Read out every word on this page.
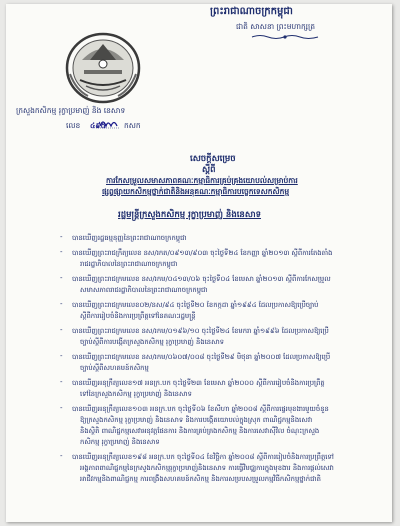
ព្រះរាជាណាចក្រកម្ពុជា
ជាតិ សាសនា ព្រះមហាក្សត្រ
ក្រសួងកសិកម្ម រុក្ខាប្រមាញ់ និង នេសាទ
លេខ ៤៩៥ កសក
សេចក្តីសម្រេច
ស្តីពី
ការកែសម្រួលសមាសភាពគណៈកម្មាធិការគ្រប់គ្រងយោបល់សម្រាប់ការ
ផ្សព្វផ្សាយកសិកម្មថ្នាក់ជាតិនិងអនុគណៈកម្មាធិការបច្ចេកទេសកសិកម្ម
រដ្ឋមន្ត្រីក្រសួងកសិកម្ម រុក្ខាប្រមាញ់ និងនេសាទ
- បានឃើញរដ្ឋធម្មនុញ្ញនៃព្រះរាជាណាចក្រកម្ពុជា
- បានឃើញព្រះរាជក្រឹត្យលេខ នស/រកត/០៩១៣/៩០៣ ចុះថ្ងៃទី២៤ ខែកញ្ញា ឆ្នាំ២០១៣ ស្តីពីការតែងតាំង
រាជរដ្ឋាភិបាលនៃព្រះរាជាណាចក្រកម្ពុជា
- បានឃើញព្រះរាជក្រមលេខ នស/រកម/០៤១៣/០៦ ចុះថ្ងៃទី០៤ ខែមេសា ឆ្នាំ២០១៣ ស្តីពីការកែសម្រួល
សមាសភាពរាជរដ្ឋាភិបាលនៃព្រះរាជាណាចក្រកម្ពុជា
- បានឃើញព្រះរាជក្រមលេខ០២/នស/៩៤ ចុះថ្ងៃទី២០ ខែកក្កដា ឆ្នាំ១៩៩៤ ដែលប្រកាសឱ្យប្រើច្បាប់
ស្តីពីការរៀបចំនិងការប្រព្រឹត្តទៅនៃគណៈរដ្ឋមន្ត្រី
- បានឃើញព្រះរាជក្រមលេខ នស/រកម/០១៩៦/១០ ចុះថ្ងៃទី២៤ ខែមករា ឆ្នាំ១៩៩៦ ដែលប្រកាសឱ្យប្រើ
ច្បាប់ស្តីពីការបង្កើតក្រសួងកសិកម្ម រុក្ខាប្រមាញ់ និងនេសាទ
- បានឃើញព្រះរាជក្រមលេខ នស/រកម/០៦០៧/០០៨ ចុះថ្ងៃទី២៩ មិថុនា ឆ្នាំ២០០៧ ដែលប្រកាសឱ្យប្រើ
ច្បាប់ស្តីពីសហគមន៍កសិកម្ម
- បានឃើញអនុក្រឹត្យលេខ១៧ អនក្រ.បក ចុះថ្ងៃទី២៣ ខែមេសា ឆ្នាំ២០០០ ស្តីពីការរៀបចំនិងការប្រព្រឹត្ត
ទៅនៃក្រសួងកសិកម្ម រុក្ខាប្រមាញ់ និងនេសាទ
- បានឃើញអនុក្រឹត្យលេខ១០៣ អនក្រ.បក ចុះថ្ងៃទី០៦ ខែសីហា ឆ្នាំ២០០៨ ស្តីពីការផ្ទេរមុខងារមួយចំនួន
ឱ្យក្រសួងកសិកម្ម រុក្ខាប្រមាញ់ និងនេសាទ និងការបង្កើតយោបល់ក្នុងស្រុក ពាណិជ្ជកម្មនិងសេវា
និងស្ថិតិ ពាណិជ្ជកម្មសេវាអនុវត្តផែនការ និងការគ្រប់គ្រងកសិកម្ម និងការសេវាស៊ីវិល ចំណុះក្រសួង
កសិកម្ម រុក្ខាប្រមាញ់ និងនេសាទ
- បានឃើញអនុក្រឹត្យលេខ១៩៨ អនក្រ.បក ចុះថ្ងៃទី០៤ ខែវិច្ឆិកា ឆ្នាំ២០០៨ ស្តីពីការរៀបចំនិងការប្រព្រឹត្តទៅ
អង្គភាពពាណិជ្ជកម្មនៃក្រសួងកសិកម្មរុក្ខាប្រមាញ់និងនេសាទ ការធ្វើវិមជ្ឈការក្នុងមុខងារ និងការផ្តល់សេវា
អាជីវកម្មនិងពាណិជ្ជកម្ម ការពង្រឹងសហគមន៍កសិកម្ម និងការសម្របសម្រួលកម្មវិធីកសិកម្មថ្នាក់ជាតិ
